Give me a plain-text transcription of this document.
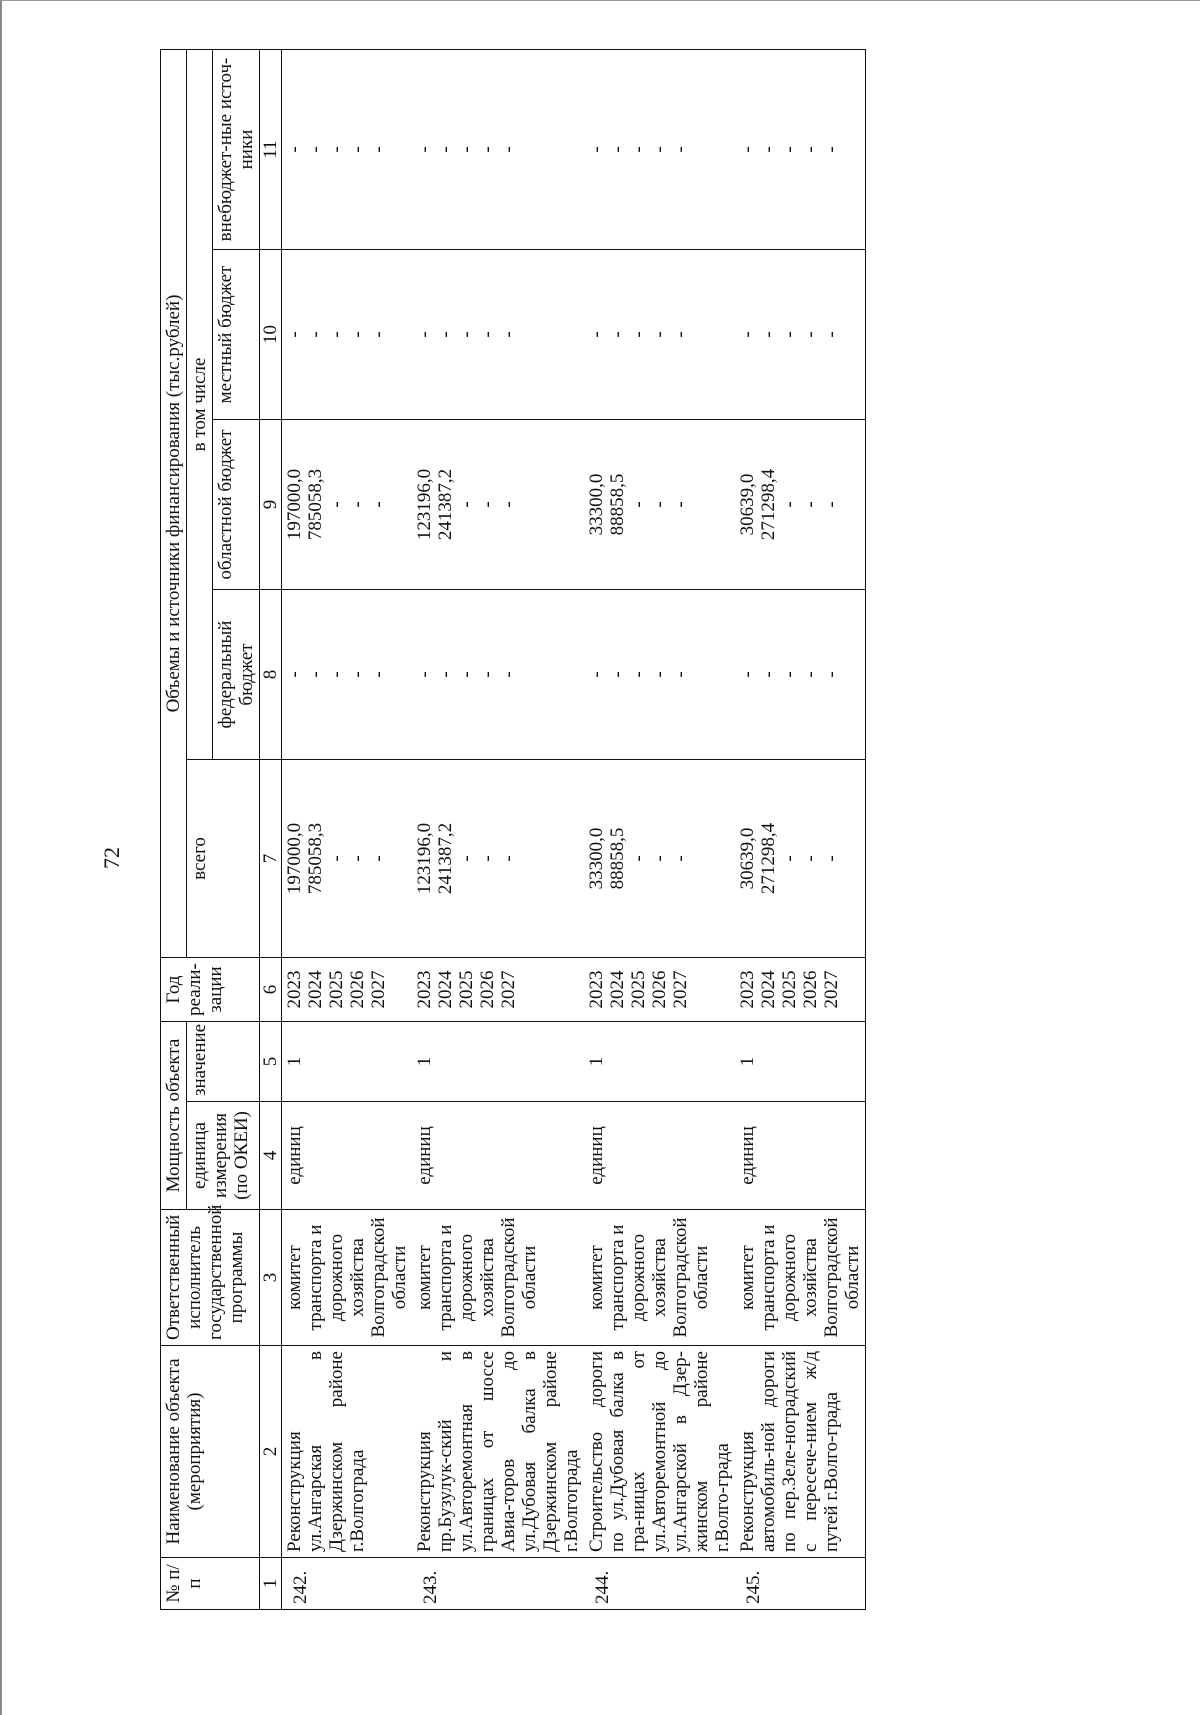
72
№ п/п	Наименование объекта (мероприятия)	Ответственный исполнитель государственной программы	Мощность объекта		Год реали-зации	Объемы и источники финансирования (тыс.рублей)				
			единица измерения (по ОКЕИ)	значение		всего	в том числе			
							федеральный бюджет	областной бюджет	местный бюджет	внебюджет-ные источ-ники
1	2	3	4	5	6	7	8	9	10	11
242.	Реконструкция ул.Ангарская в Дзержинском районе г.Волгограда	комитет транспорта и дорожного хозяйства Волгоградской области	единиц	1	2023 2024 2025 2026 2027	197000,0 785058,3 - - -	- - - - -	197000,0 785058,3 - - -	- - - - -	- - - - -

243.	Реконструкция пр.Бузулук-ский и ул.Авторемонтная в границах от шоссе Авиа-торов до ул.Дубовая балка в Дзержинском районе г.Волгограда	комитет транспорта и дорожного хозяйства Волгоградской области	единиц	1	2023 2024 2025 2026 2027	123196,0 241387,2 - - -	- - - - -	123196,0 241387,2 - - -	- - - - -	- - - - -

244.	Строительство дороги по ул.Дубовая балка в гра-ницах от ул.Авторемонтной до ул.Ангарской в Дзер-жинском районе г.Волго-града	комитет транспорта и дорожного хозяйства Волгоградской области	единиц	1	2023 2024 2025 2026 2027	33300,0 88858,5 - - -	- - - - -	33300,0 88858,5 - - -	- - - - -	- - - - -

245.	Реконструкция автомобиль-ной дороги по пер.Зеле-ноградский с пересече-нием ж/д путей г.Волго-града	комитет транспорта и дорожного хозяйства Волгоградской области	единиц	1	2023 2024 2025 2026 2027	30639,0 271298,4 - - -	- - - - -	30639,0 271298,4 - - -	- - - - -	- - - - -
